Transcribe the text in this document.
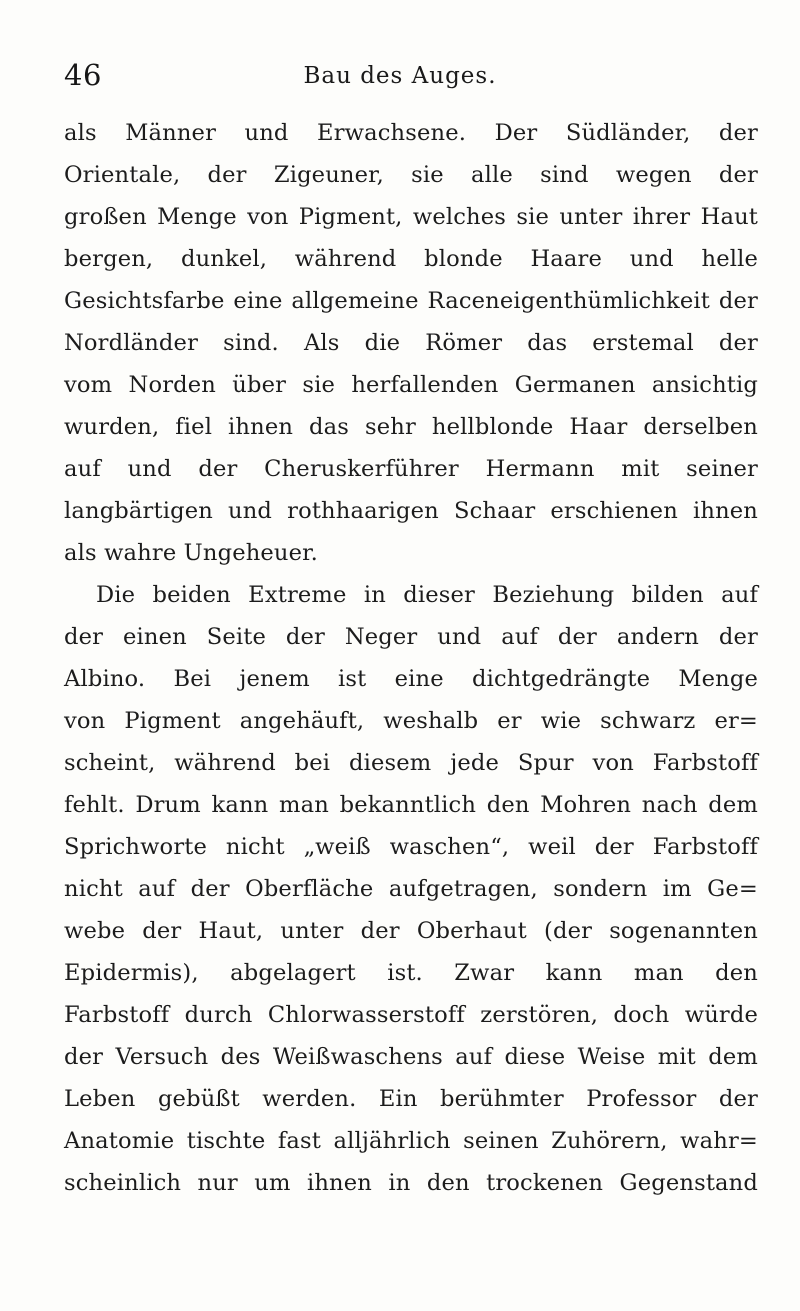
46	Bau des Auges.
als Männer und Erwachsene. Der Südländer, der
Orientale, der Zigeuner, sie alle sind wegen der
großen Menge von Pigment, welches sie unter ihrer Haut
bergen, dunkel, während blonde Haare und helle
Gesichtsfarbe eine allgemeine Raceneigenthümlichkeit der
Nordländer sind. Als die Römer das erstemal der
vom Norden über sie herfallenden Germanen ansichtig
wurden, fiel ihnen das sehr hellblonde Haar derselben
auf und der Cheruskerführer Hermann mit seiner
langbärtigen und rothhaarigen Schaar erschienen ihnen
als wahre Ungeheuer.
Die beiden Extreme in dieser Beziehung bilden auf
der einen Seite der Neger und auf der andern der
Albino. Bei jenem ist eine dichtgedrängte Menge
von Pigment angehäuft, weshalb er wie schwarz er=
scheint, während bei diesem jede Spur von Farbstoff
fehlt. Drum kann man bekanntlich den Mohren nach dem
Sprichworte nicht „weiß waschen“, weil der Farbstoff
nicht auf der Oberfläche aufgetragen, sondern im Ge=
webe der Haut, unter der Oberhaut (der sogenannten
Epidermis), abgelagert ist. Zwar kann man den
Farbstoff durch Chlorwasserstoff zerstören, doch würde
der Versuch des Weißwaschens auf diese Weise mit dem
Leben gebüßt werden. Ein berühmter Professor der
Anatomie tischte fast alljährlich seinen Zuhörern, wahr=
scheinlich nur um ihnen in den trockenen Gegenstand
